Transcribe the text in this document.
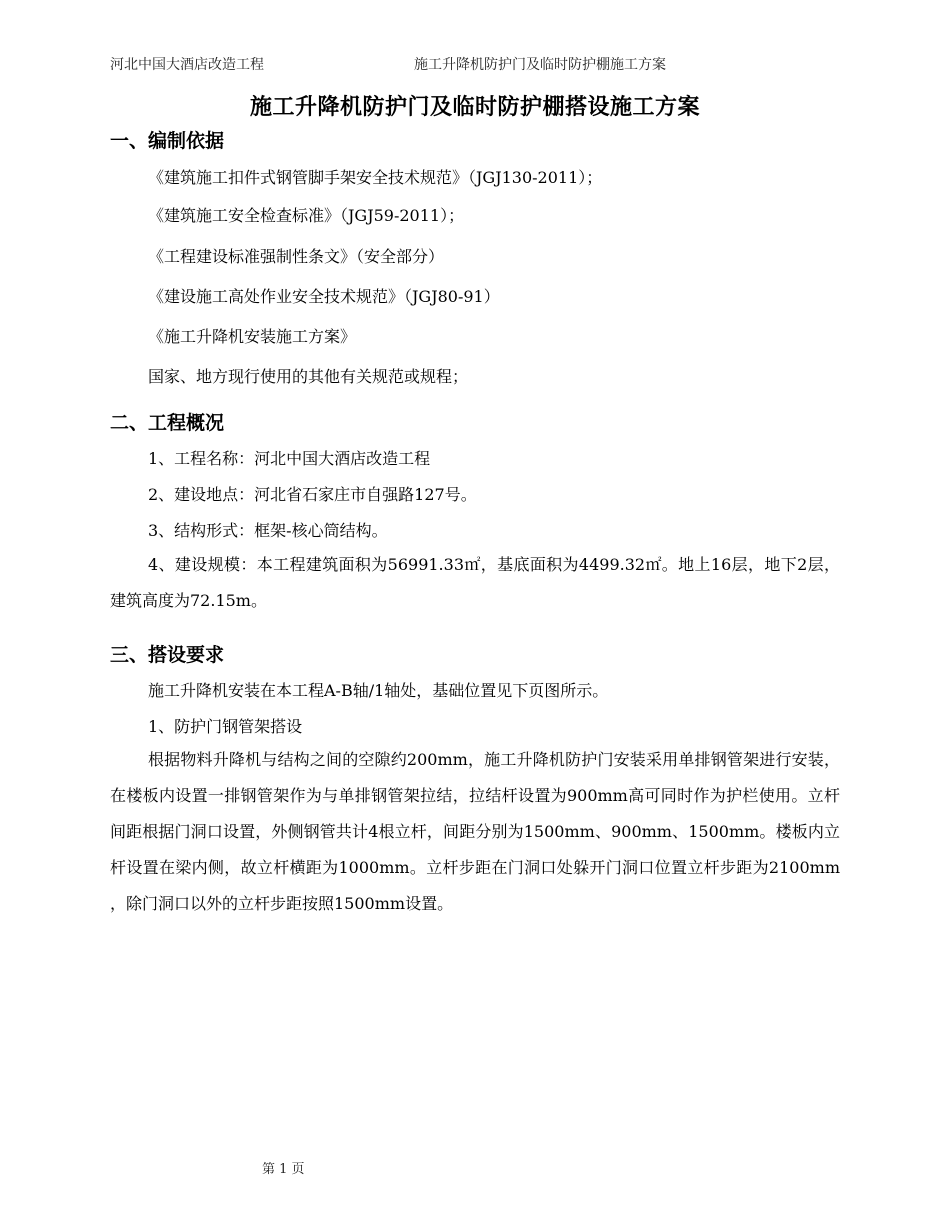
河北中国大酒店改造工程	施工升降机防护门及临时防护棚施工方案
施工升降机防护门及临时防护棚搭设施工方案
一、编制依据
《建筑施工扣件式钢管脚手架安全技术规范》（JGJ130-2011）；
《建筑施工安全检查标准》（JGJ59-2011）；
《工程建设标准强制性条文》（安全部分）
《建设施工高处作业安全技术规范》（JGJ80-91）
《施工升降机安装施工方案》
国家、地方现行使用的其他有关规范或规程；
二、工程概况
1、工程名称：河北中国大酒店改造工程
2、建设地点：河北省石家庄市自强路127号。
3、结构形式：框架-核心筒结构。
4、建设规模：本工程建筑面积为56991.33㎡，基底面积为4499.32㎡。地上16层，地下2层，建筑高度为72.15m。
三、搭设要求
施工升降机安装在本工程A-B轴/1轴处，基础位置见下页图所示。
1、防护门钢管架搭设
根据物料升降机与结构之间的空隙约200mm，施工升降机防护门安装采用单排钢管架进行安装，在楼板内设置一排钢管架作为与单排钢管架拉结，拉结杆设置为900mm高可同时作为护栏使用。立杆间距根据门洞口设置，外侧钢管共计4根立杆，间距分别为1500mm、900mm、1500mm。楼板内立杆设置在梁内侧，故立杆横距为1000mm。立杆步距在门洞口处躲开门洞口位置立杆步距为2100mm ，除门洞口以外的立杆步距按照1500mm设置。
第 1 页
